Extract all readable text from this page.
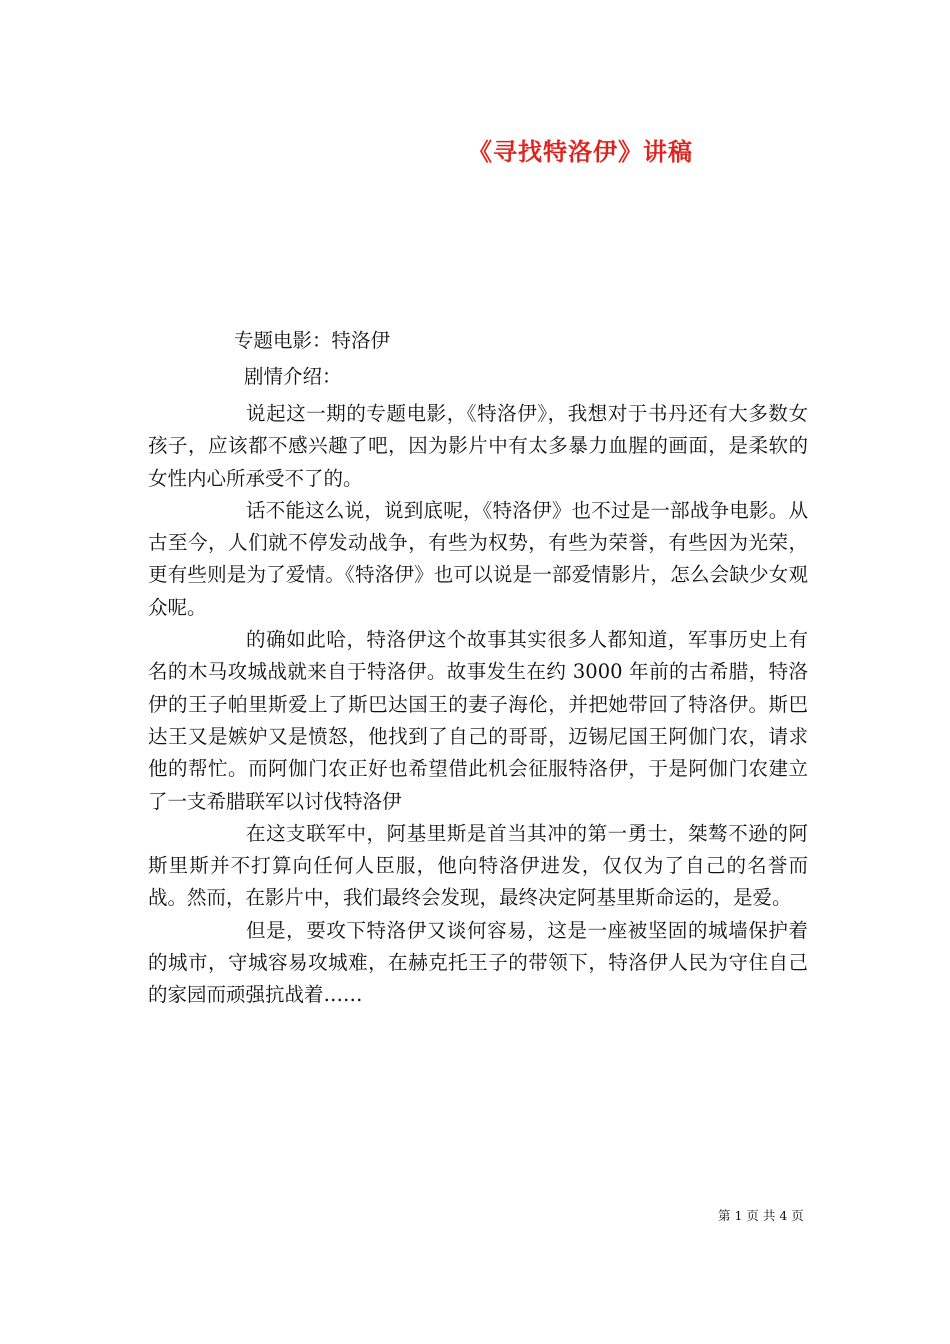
《寻找特洛伊》讲稿
专题电影：特洛伊
剧情介绍：

说起这一期的专题电影，《特洛伊》，我想对于书丹还有大多数女孩子，应该都不感兴趣了吧，因为影片中有太多暴力血腥的画面，是柔软的女性内心所承受不了的。

话不能这么说，说到底呢，《特洛伊》也不过是一部战争电影。从古至今，人们就不停发动战争，有些为权势，有些为荣誉，有些因为光荣，更有些则是为了爱情。《特洛伊》也可以说是一部爱情影片，怎么会缺少女观众呢。

的确如此哈，特洛伊这个故事其实很多人都知道，军事历史上有名的木马攻城战就来自于特洛伊。故事发生在约 3000 年前的古希腊，特洛伊的王子帕里斯爱上了斯巴达国王的妻子海伦，并把她带回了特洛伊。斯巴达王又是嫉妒又是愤怒，他找到了自己的哥哥，迈锡尼国王阿伽门农，请求他的帮忙。而阿伽门农正好也希望借此机会征服特洛伊，于是阿伽门农建立了一支希腊联军以讨伐特洛伊

在这支联军中，阿基里斯是首当其冲的第一勇士，桀骜不逊的阿斯里斯并不打算向任何人臣服，他向特洛伊进发，仅仅为了自己的名誉而战。然而，在影片中，我们最终会发现，最终决定阿基里斯命运的，是爱。

但是，要攻下特洛伊又谈何容易，这是一座被坚固的城墙保护着的城市，守城容易攻城难，在赫克托王子的带领下，特洛伊人民为守住自己的家园而顽强抗战着……

第 1 页 共 4 页
